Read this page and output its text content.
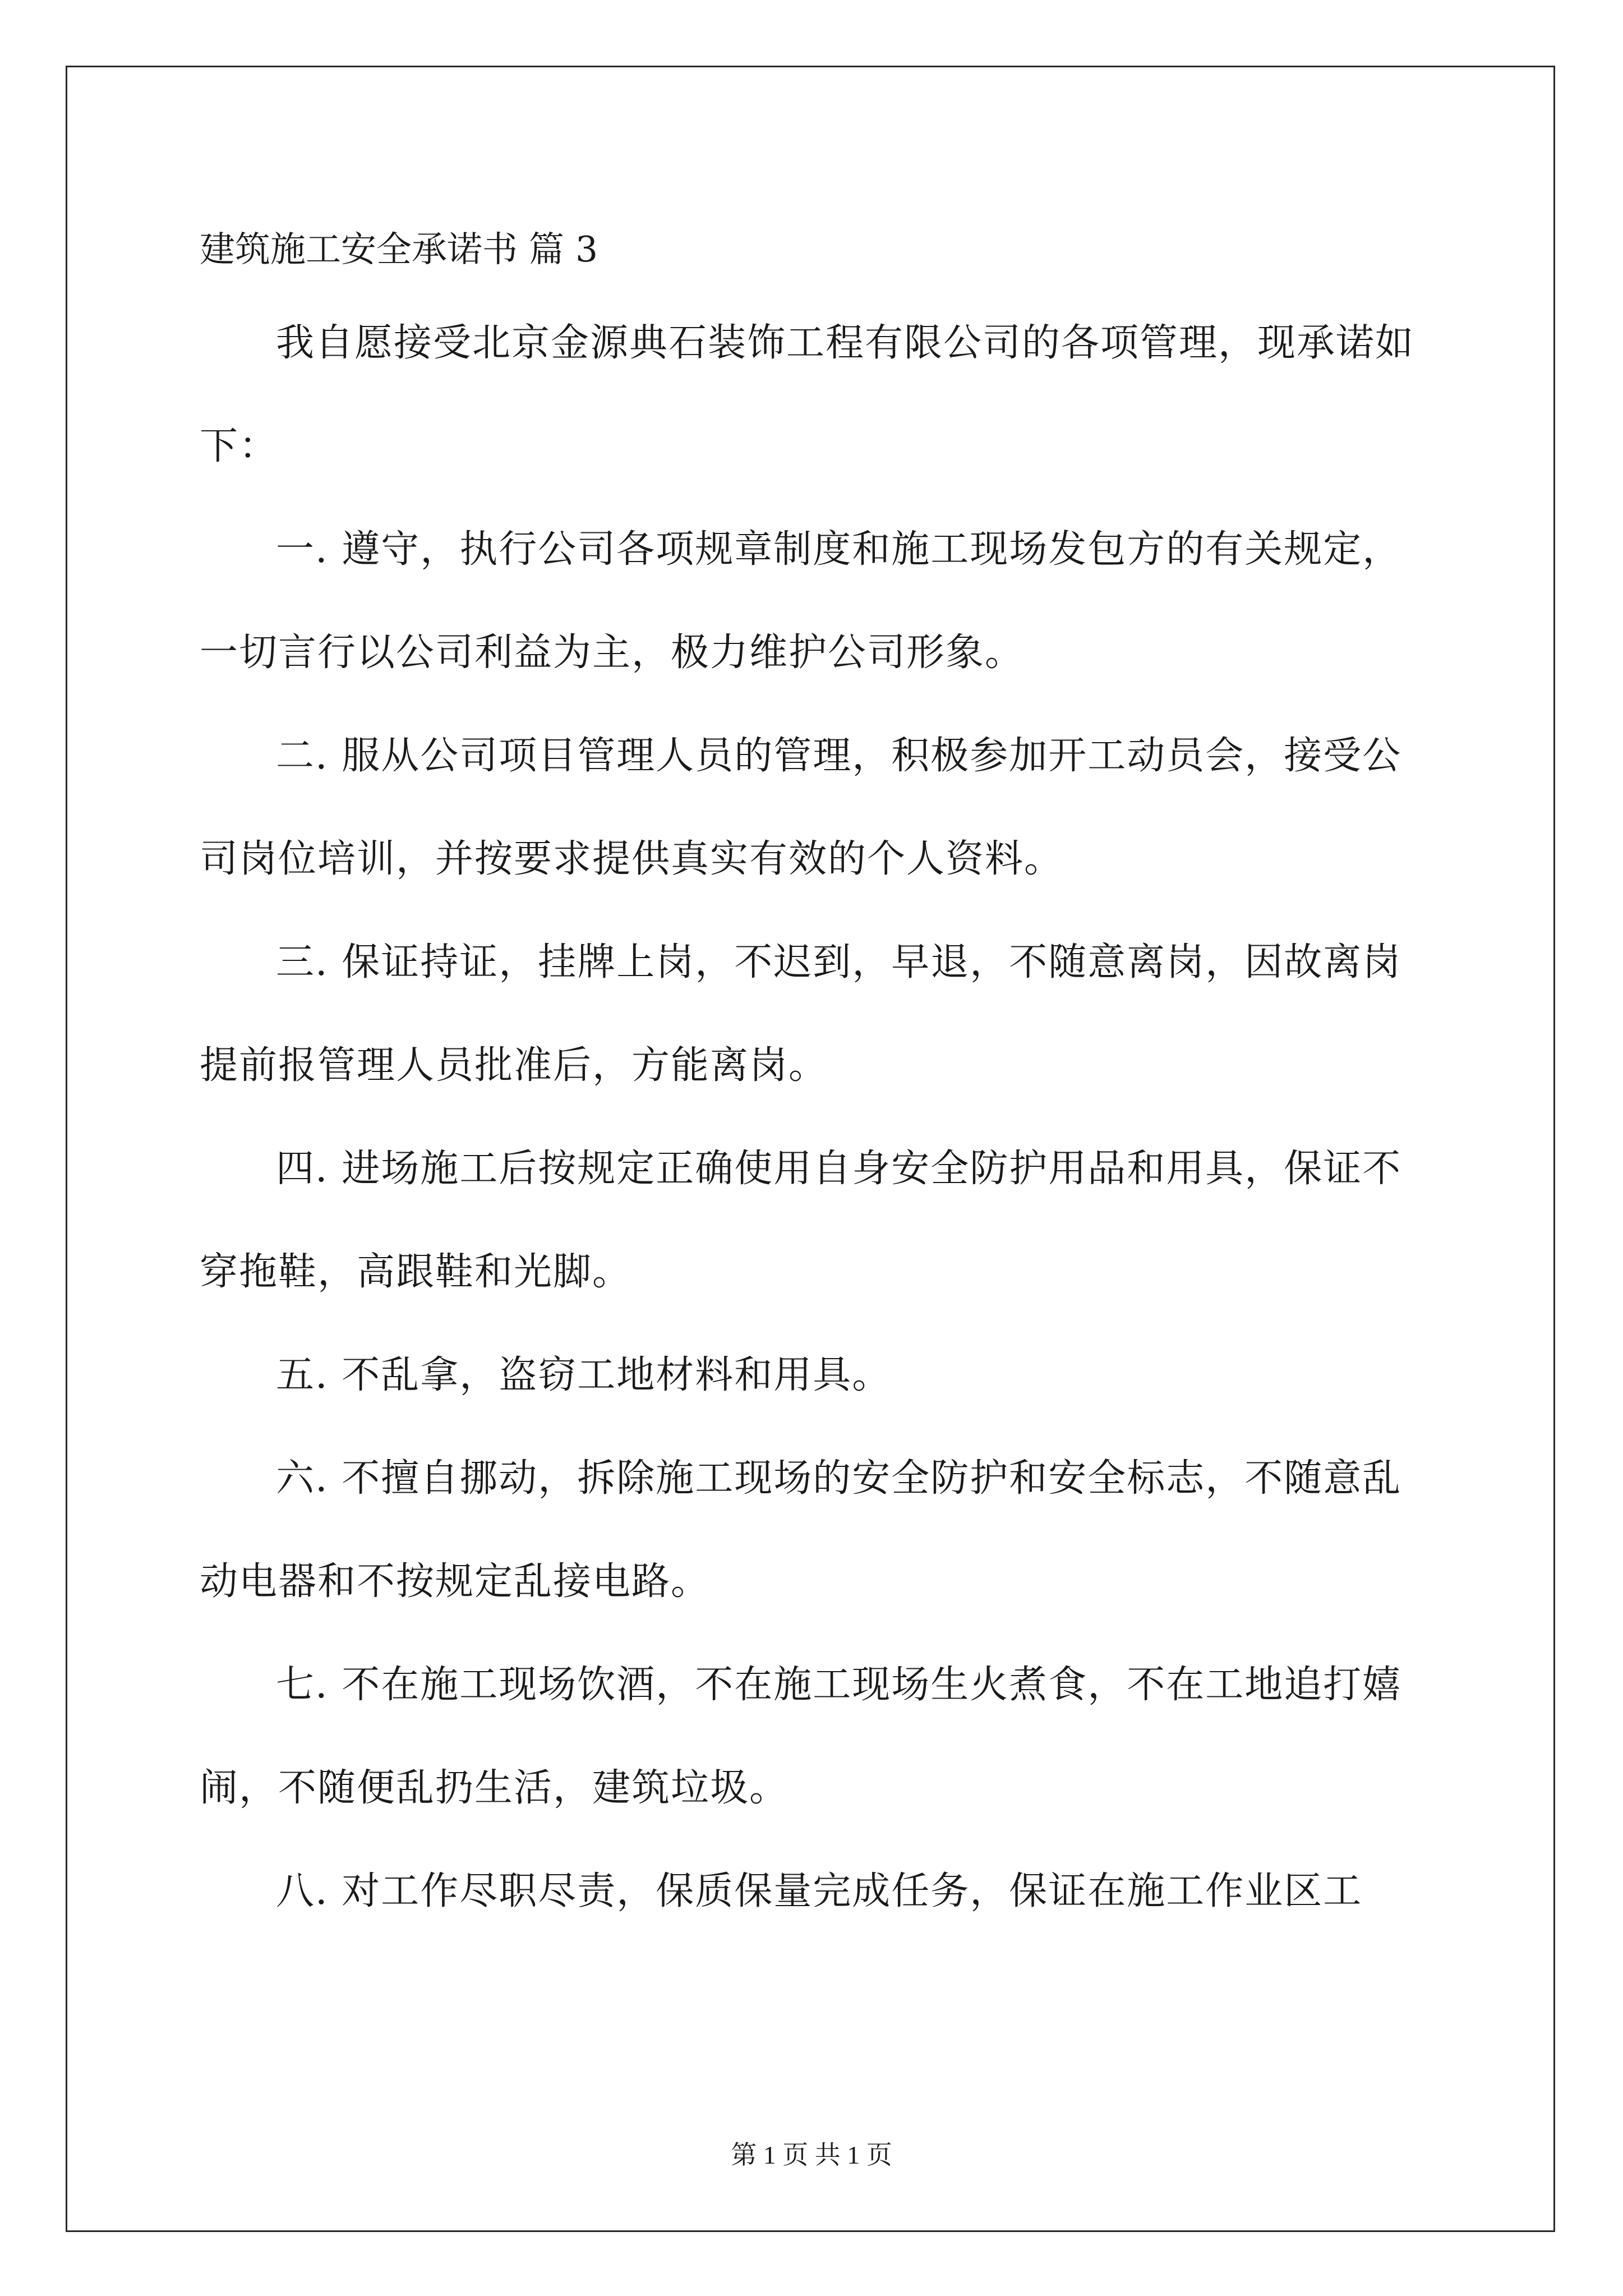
建筑施工安全承诺书 篇 3

我自愿接受北京金源典石装饰工程有限公司的各项管理，现承诺如下：

一. 遵守，执行公司各项规章制度和施工现场发包方的有关规定，一切言行以公司利益为主，极力维护公司形象。

二. 服从公司项目管理人员的管理，积极参加开工动员会，接受公司岗位培训，并按要求提供真实有效的个人资料。

三. 保证持证，挂牌上岗，不迟到，早退，不随意离岗，因故离岗提前报管理人员批准后，方能离岗。

四. 进场施工后按规定正确使用自身安全防护用品和用具，保证不穿拖鞋，高跟鞋和光脚。

五. 不乱拿，盗窃工地材料和用具。

六. 不擅自挪动，拆除施工现场的安全防护和安全标志，不随意乱动电器和不按规定乱接电路。

七. 不在施工现场饮酒，不在施工现场生火煮食，不在工地追打嬉闹，不随便乱扔生活，建筑垃圾。

八. 对工作尽职尽责，保质保量完成任务，保证在施工作业区工

第 1 页 共 1 页
